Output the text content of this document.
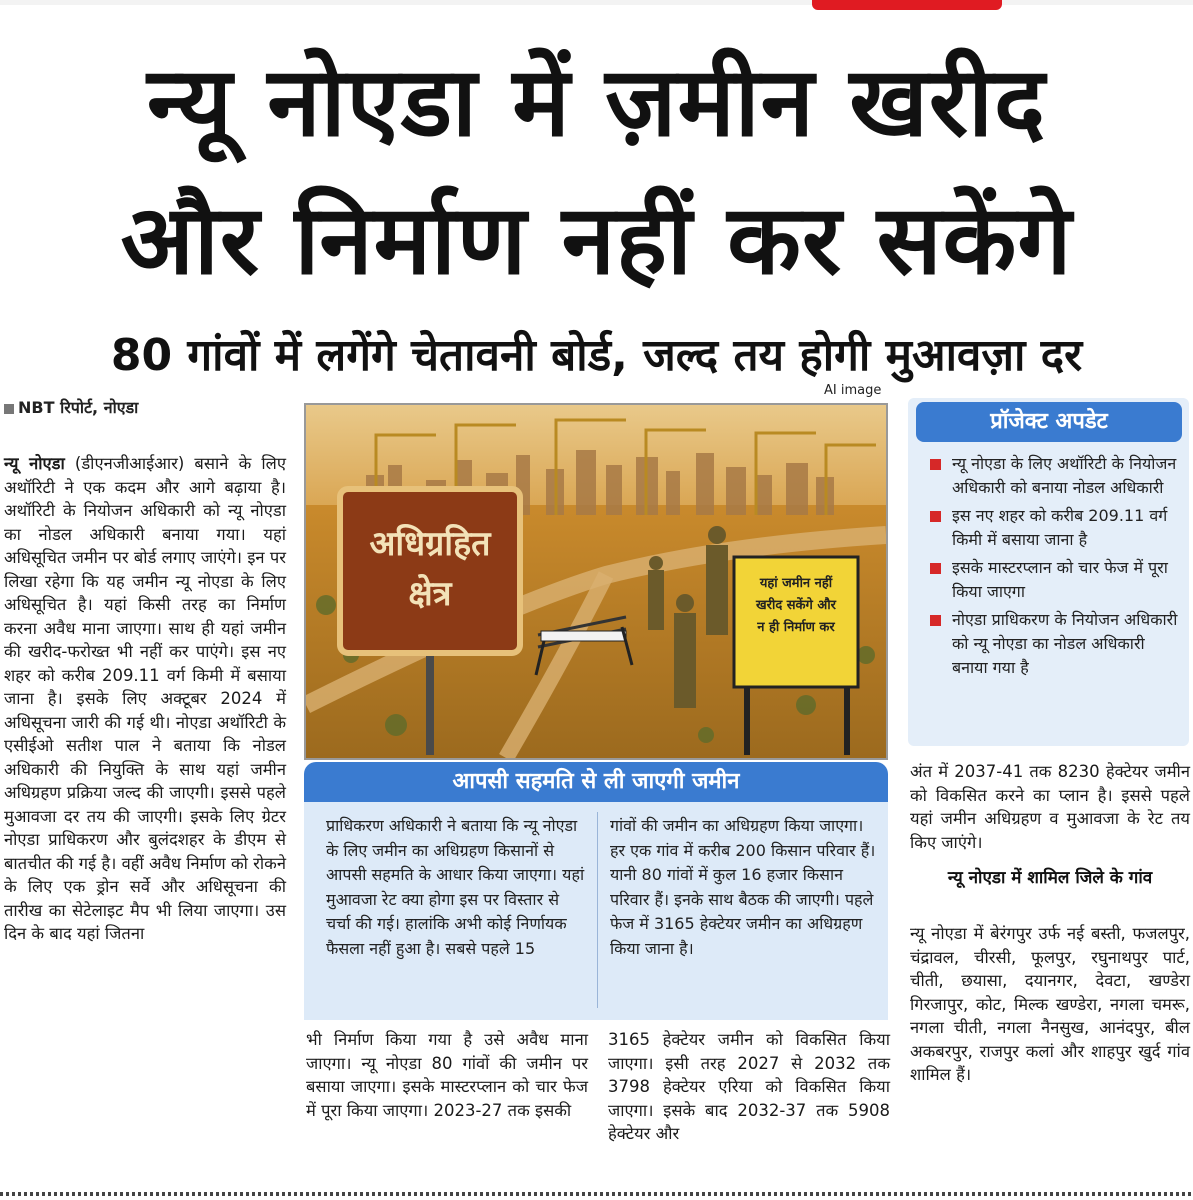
न्यू नोएडा में ज़मीन खरीद
और निर्माण नहीं कर सकेंगे
80 गांवों में लगेंगे चेतावनी बोर्ड, जल्द तय होगी मुआवज़ा दर
NBT रिपोर्ट, नोएडा
न्यू नोएडा (डीएनजीआईआर) बसाने के लिए अथॉरिटी ने एक कदम और आगे बढ़ाया है। अथॉरिटी के नियोजन अधिकारी को न्यू नोएडा का नोडल अधिकारी बनाया गया। यहां अधिसूचित जमीन पर बोर्ड लगाए जाएंगे। इन पर लिखा रहेगा कि यह जमीन न्यू नोएडा के लिए अधिसूचित है। यहां किसी तरह का निर्माण करना अवैध माना जाएगा। साथ ही यहां जमीन की खरीद-फरोख्त भी नहीं कर पाएंगे। इस नए शहर को करीब 209.11 वर्ग किमी में बसाया जाना है। इसके लिए अक्टूबर 2024 में अधिसूचना जारी की गई थी। नोएडा अथॉरिटी के एसीईओ सतीश पाल ने बताया कि नोडल अधिकारी की नियुक्ति के साथ यहां जमीन अधिग्रहण प्रक्रिया जल्द की जाएगी। इससे पहले मुआवजा दर तय की जाएगी। इसके लिए ग्रेटर नोएडा प्राधिकरण और बुलंदशहर के डीएम से बातचीत की गई है। वहीं अवैध निर्माण को रोकने के लिए एक ड्रोन सर्वे और अधिसूचना की तारीख का सेटेलाइट मैप भी लिया जाएगा। उस दिन के बाद यहां जितना
AI image
अधिग्रहित
क्षेत्र	यहां जमीन नहीं
खरीद सकेंगे और
न ही निर्माण कर
आपसी सहमति से ली जाएगी जमीन
प्राधिकरण अधिकारी ने बताया कि न्यू नोएडा के लिए जमीन का अधिग्रहण किसानों से आपसी सहमति के आधार किया जाएगा। यहां मुआवजा रेट क्या होगा इस पर विस्तार से चर्चा की गई। हालांकि अभी कोई निर्णायक फैसला नहीं हुआ है। सबसे पहले 15
गांवों की जमीन का अधिग्रहण किया जाएगा। हर एक गांव में करीब 200 किसान परिवार हैं। यानी 80 गांवों में कुल 16 हजार किसान परिवार हैं। इनके साथ बैठक की जाएगी। पहले फेज में 3165 हेक्टेयर जमीन का अधिग्रहण किया जाना है।
भी निर्माण किया गया है उसे अवैध माना जाएगा। न्यू नोएडा 80 गांवों की जमीन पर बसाया जाएगा। इसके मास्टरप्लान को चार फेज में पूरा किया जाएगा। 2023-27 तक इसकी
3165 हेक्टेयर जमीन को विकसित किया जाएगा। इसी तरह 2027 से 2032 तक 3798 हेक्टेयर एरिया को विकसित किया जाएगा। इसके बाद 2032-37 तक 5908 हेक्टेयर और
प्रॉजेक्ट अपडेट
न्यू नोएडा के लिए अथॉरिटी के नियोजन अधिकारी को बनाया नोडल अधिकारी
इस नए शहर को करीब 209.11 वर्ग किमी में बसाया जाना है
इसके मास्टरप्लान को चार फेज में पूरा किया जाएगा
नोएडा प्राधिकरण के नियोजन अधिकारी को न्यू नोएडा का नोडल अधिकारी बनाया गया है
अंत में 2037-41 तक 8230 हेक्टेयर जमीन को विकसित करने का प्लान है। इससे पहले यहां जमीन अधिग्रहण व मुआवजा के रेट तय किए जाएंगे।
न्यू नोएडा में शामिल जिले के गांव
न्यू नोएडा में बेरंगपुर उर्फ नई बस्ती, फजलपुर, चंद्रावल, चीरसी, फूलपुर, रघुनाथपुर पार्ट, चीती, छयासा, दयानगर, देवटा, खण्डेरा गिरजापुर, कोट, मिल्क खण्डेरा, नगला चमरू, नगला चीती, नगला नैनसुख, आनंदपुर, बील अकबरपुर, राजपुर कलां और शाहपुर खुर्द गांव शामिल हैं।
